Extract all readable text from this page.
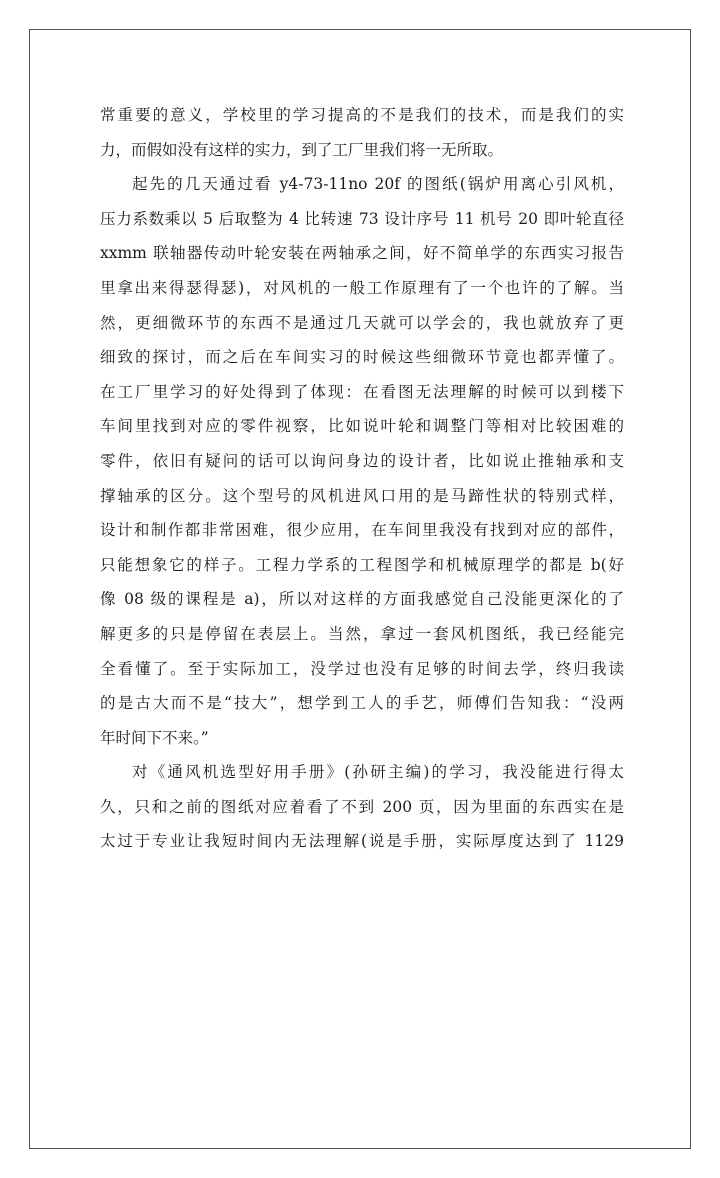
常重要的意义，学校里的学习提高的不是我们的技术，而是我们的实
力，而假如没有这样的实力，到了工厂里我们将一无所取。
起先的几天通过看 y4-73-11no 20f 的图纸(锅炉用离心引风机，
压力系数乘以 5 后取整为 4 比转速 73 设计序号 11 机号 20 即叶轮直径
xxmm 联轴器传动叶轮安装在两轴承之间，好不简单学的东西实习报告
里拿出来得瑟得瑟)，对风机的一般工作原理有了一个也许的了解。当
然，更细微环节的东西不是通过几天就可以学会的，我也就放弃了更
细致的探讨，而之后在车间实习的时候这些细微环节竟也都弄懂了。
在工厂里学习的好处得到了体现：在看图无法理解的时候可以到楼下
车间里找到对应的零件视察，比如说叶轮和调整门等相对比较困难的
零件，依旧有疑问的话可以询问身边的设计者，比如说止推轴承和支
撑轴承的区分。这个型号的风机进风口用的是马蹄性状的特别式样，
设计和制作都非常困难，很少应用，在车间里我没有找到对应的部件，
只能想象它的样子。工程力学系的工程图学和机械原理学的都是 b(好
像 08 级的课程是 a)，所以对这样的方面我感觉自己没能更深化的了
解更多的只是停留在表层上。当然，拿过一套风机图纸，我已经能完
全看懂了。至于实际加工，没学过也没有足够的时间去学，终归我读
的是古大而不是“技大”，想学到工人的手艺，师傅们告知我：“没两
年时间下不来。”
对《通风机选型好用手册》(孙研主编)的学习，我没能进行得太
久，只和之前的图纸对应着看了不到 200 页，因为里面的东西实在是
太过于专业让我短时间内无法理解(说是手册，实际厚度达到了 1129
